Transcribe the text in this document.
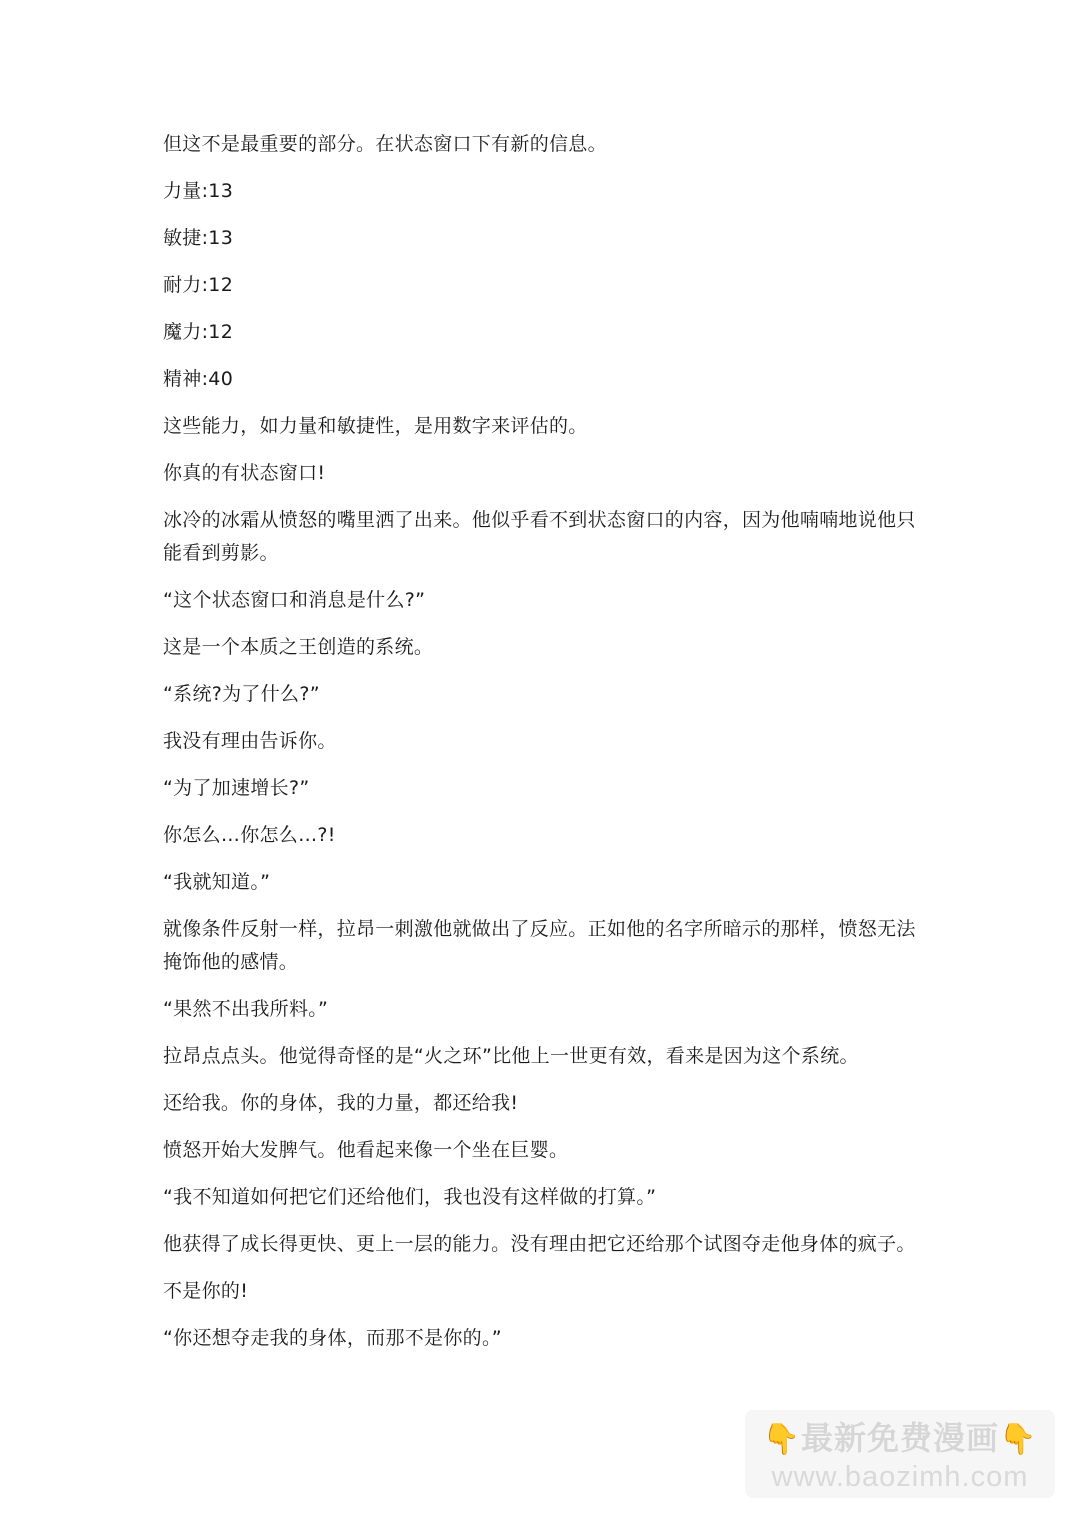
但这不是最重要的部分。在状态窗口下有新的信息。

力量:13

敏捷:13

耐力:12

魔力:12

精神:40

这些能力，如力量和敏捷性，是用数字来评估的。

你真的有状态窗口!

冰冷的冰霜从愤怒的嘴里洒了出来。他似乎看不到状态窗口的内容，因为他喃喃地说他只能看到剪影。

“这个状态窗口和消息是什么?”

这是一个本质之王创造的系统。

“系统?为了什么?”

我没有理由告诉你。

“为了加速增长?”

你怎么…你怎么…?!

“我就知道。”

就像条件反射一样，拉昂一刺激他就做出了反应。正如他的名字所暗示的那样，愤怒无法掩饰他的感情。

“果然不出我所料。”

拉昂点点头。他觉得奇怪的是“火之环”比他上一世更有效，看来是因为这个系统。

还给我。你的身体，我的力量，都还给我!

愤怒开始大发脾气。他看起来像一个坐在巨婴。

“我不知道如何把它们还给他们，我也没有这样做的打算。”

他获得了成长得更快、更上一层的能力。没有理由把它还给那个试图夺走他身体的疯子。

不是你的!

“你还想夺走我的身体，而那不是你的。”

👇最新免费漫画👇
www.baozimh.com
